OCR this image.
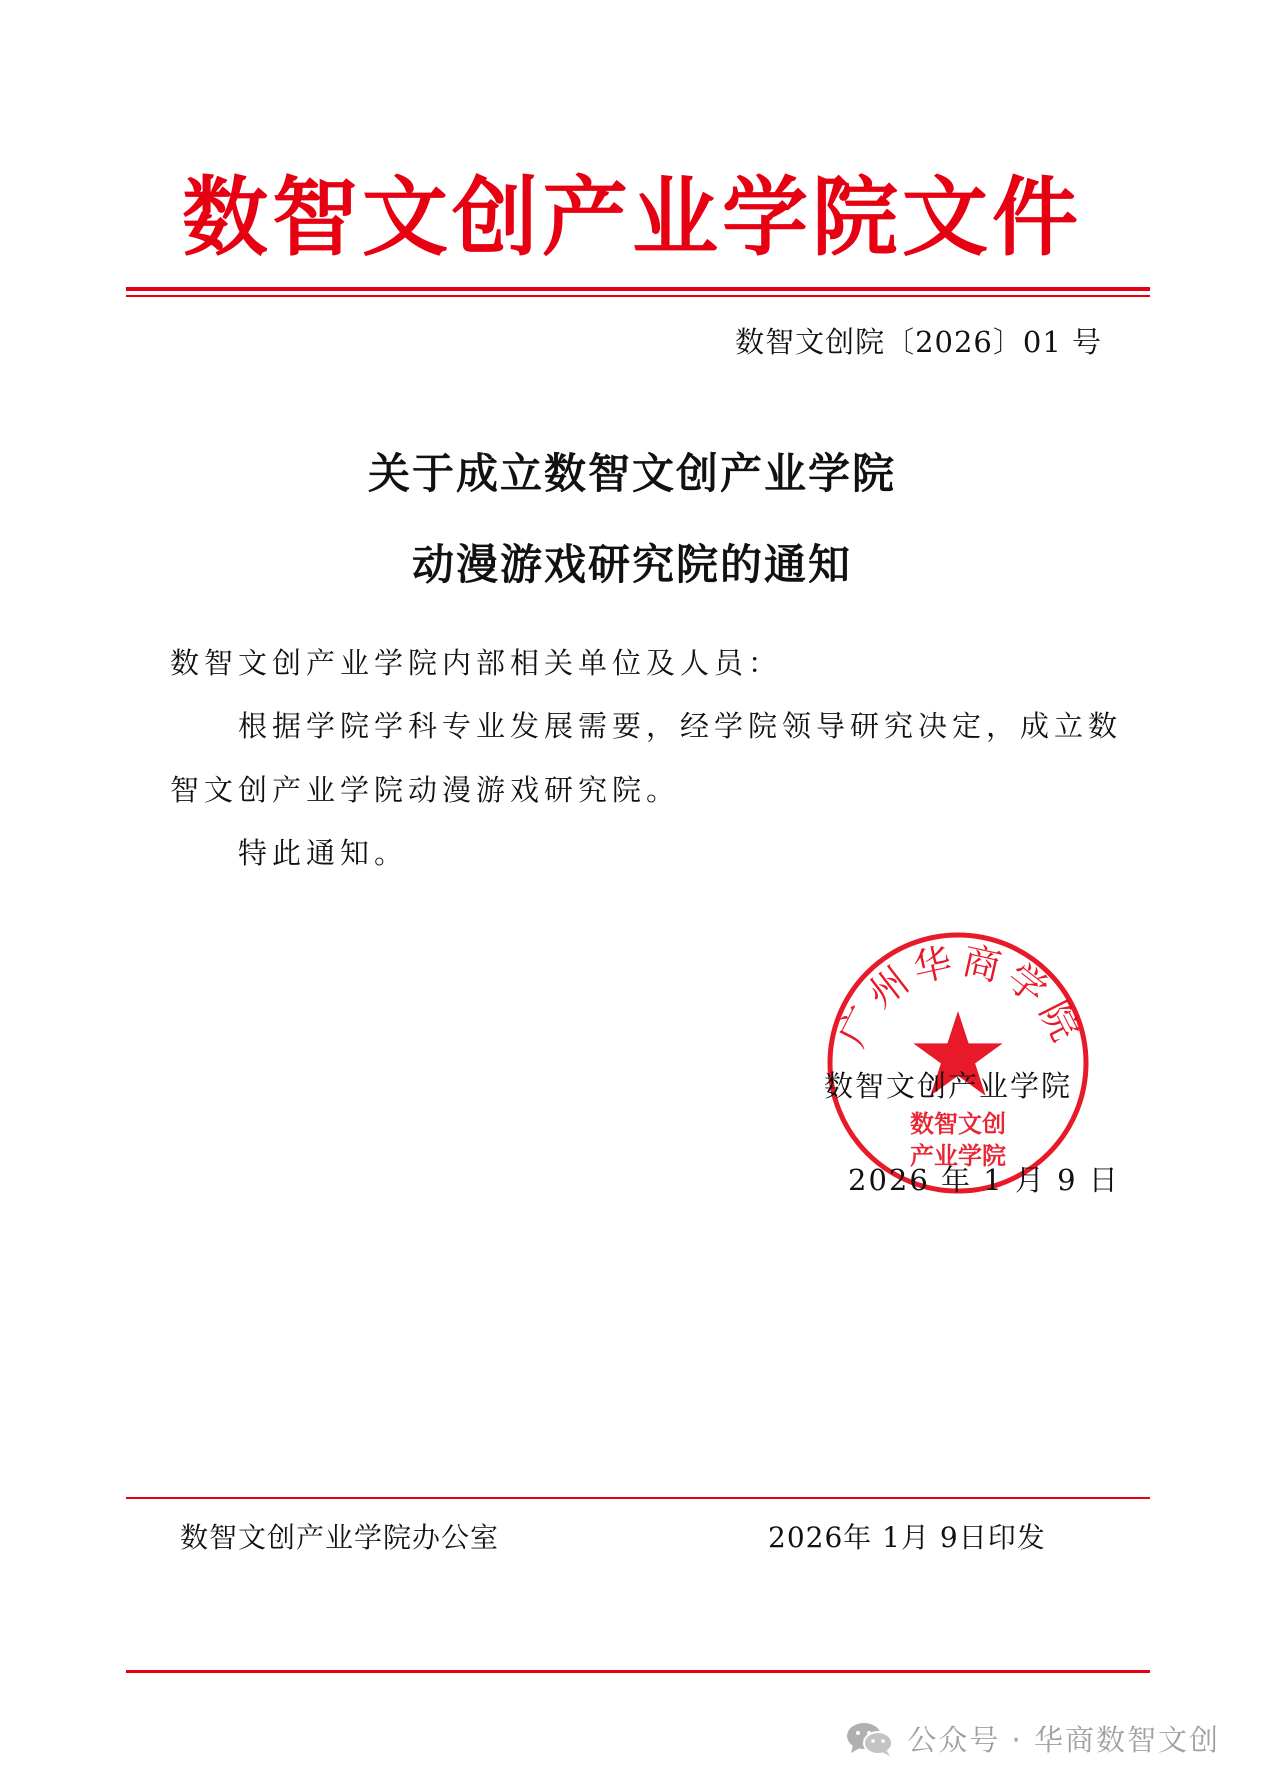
数智文创产业学院文件
数智文创院〔2026〕01 号
关于成立数智文创产业学院
动漫游戏研究院的通知
数智文创产业学院内部相关单位及人员：
根据学院学科专业发展需要，经学院领导研究决定，成立数
智文创产业学院动漫游戏研究院。
特此通知。
广州华商学院
数智文创
产业学院
数智文创产业学院
2026 年 1 月 9 日
数智文创产业学院办公室	2026年 1月 9日印发
公众号 · 华商数智文创
